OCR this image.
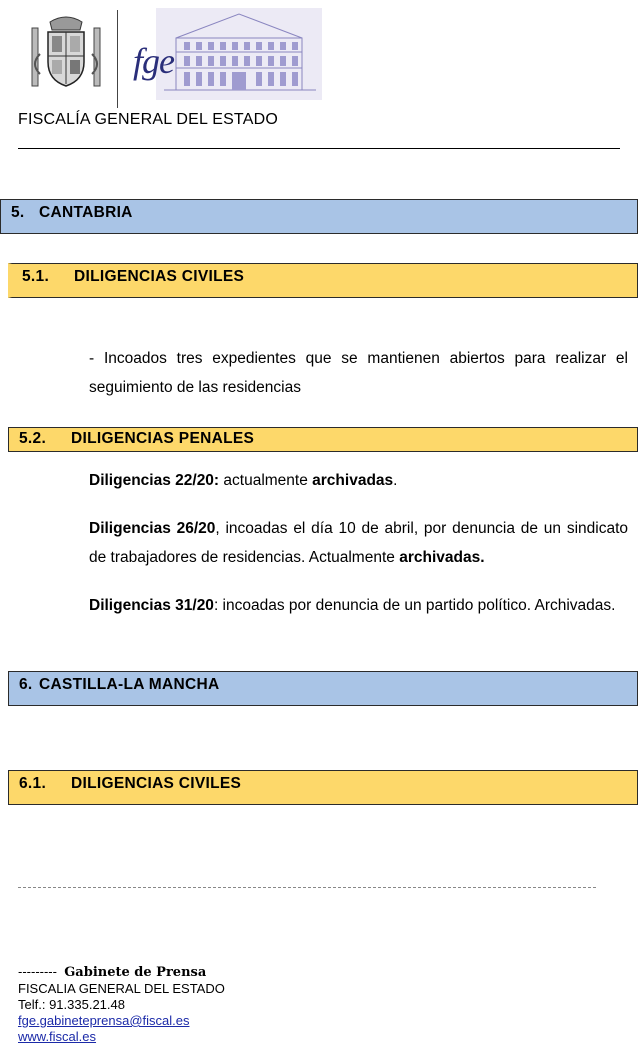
fge
FISCALÍA GENERAL DEL ESTADO
5. CANTABRIA
5.1.	DILIGENCIAS CIVILES
- Incoados tres expedientes que se mantienen abiertos para realizar el seguimiento de las residencias
5.2.	DILIGENCIAS PENALES
Diligencias 22/20: actualmente archivadas.
Diligencias 26/20, incoadas el día 10 de abril, por denuncia de un sindicato de trabajadores de residencias. Actualmente archivadas.
Diligencias 31/20: incoadas por denuncia de un partido político. Archivadas.
6. CASTILLA-LA MANCHA
6.1.	DILIGENCIAS CIVILES
--------- Gabinete de Prensa
FISCALIA GENERAL DEL ESTADO
Telf.: 91.335.21.48
fge.gabineteprensa@fiscal.es
www.fiscal.es
